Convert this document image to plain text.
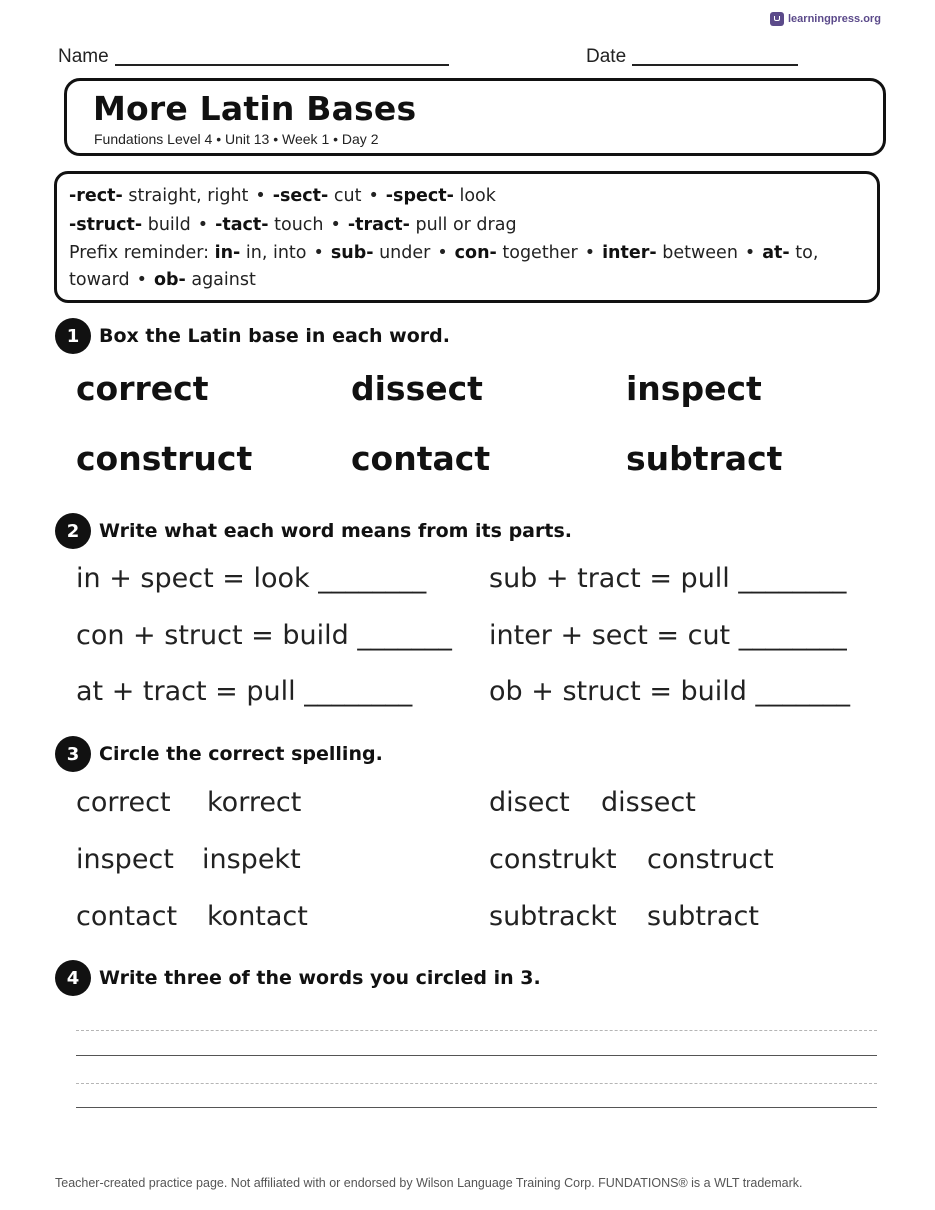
learningpress.org
Name	Date
More Latin Bases
Fundations Level 4 • Unit 13 • Week 1 • Day 2
-rect- straight, right • -sect- cut • -spect- look
-struct- build • -tact- touch • -tract- pull or drag
Prefix reminder: in- in, into • sub- under • con- together • inter- between • at- to, toward • ob- against
1	Box the Latin base in each word.
correct	dissect	inspect
construct	contact	subtract
2	Write what each word means from its parts.
in + spect = look ________ sub + tract = pull ________
con + struct = build _______ inter + sect = cut ________
at + tract = pull ________	ob + struct = build _______
3	Circle the correct spelling.
correct korrect	disect dissect
inspect inspekt	construkt construct
contact kontact	subtrackt subtract
4	Write three of the words you circled in 3.
Teacher-created practice page. Not affiliated with or endorsed by Wilson Language Training Corp. FUNDATIONS® is a WLT trademark.
